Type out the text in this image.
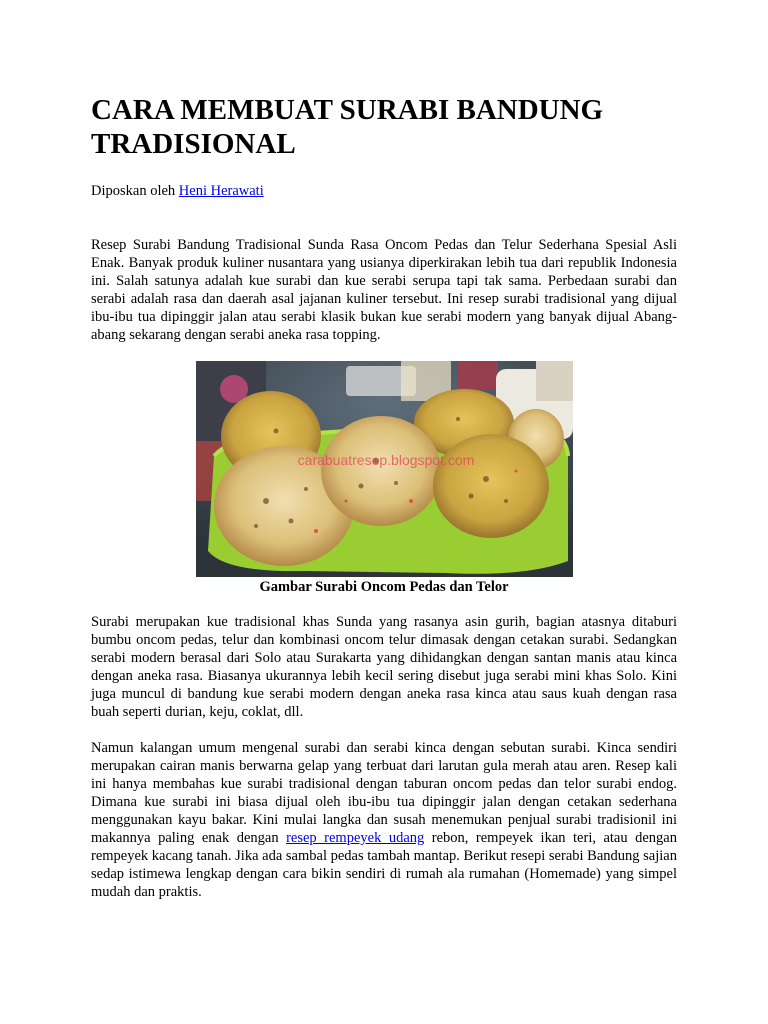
CARA MEMBUAT SURABI BANDUNG TRADISIONAL
Diposkan oleh Heni Herawati

Resep Surabi Bandung Tradisional Sunda Rasa Oncom Pedas dan Telur Sederhana Spesial Asli Enak. Banyak produk kuliner nusantara yang usianya diperkirakan lebih tua dari republik Indonesia ini. Salah satunya adalah kue surabi dan kue serabi serupa tapi tak sama. Perbedaan surabi dan serabi adalah rasa dan daerah asal jajanan kuliner tersebut. Ini resep surabi tradisional yang dijual ibu-ibu tua dipinggir jalan atau serabi klasik bukan kue serabi modern yang banyak dijual Abang-abang sekarang dengan serabi aneka rasa topping.

carabuatresep.blogspot.com
Gambar Surabi Oncom Pedas dan Telor

Surabi merupakan kue tradisional khas Sunda yang rasanya asin gurih, bagian atasnya ditaburi bumbu oncom pedas, telur dan kombinasi oncom telur dimasak dengan cetakan surabi. Sedangkan serabi modern berasal dari Solo atau Surakarta yang dihidangkan dengan santan manis atau kinca dengan aneka rasa. Biasanya ukurannya lebih kecil sering disebut juga serabi mini khas Solo. Kini juga muncul di bandung kue serabi modern dengan aneka rasa kinca atau saus kuah dengan rasa buah seperti durian, keju, coklat, dll.

Namun kalangan umum mengenal surabi dan serabi kinca dengan sebutan surabi. Kinca sendiri merupakan cairan manis berwarna gelap yang terbuat dari larutan gula merah atau aren. Resep kali ini hanya membahas kue surabi tradisional dengan taburan oncom pedas dan telor surabi endog. Dimana kue surabi ini biasa dijual oleh ibu-ibu tua dipinggir jalan dengan cetakan sederhana menggunakan kayu bakar. Kini mulai langka dan susah menemukan penjual surabi tradisionil ini makannya paling enak dengan resep rempeyek udang rebon, rempeyek ikan teri, atau dengan rempeyek kacang tanah. Jika ada sambal pedas tambah mantap. Berikut resepi serabi Bandung sajian sedap istimewa lengkap dengan cara bikin sendiri di rumah ala rumahan (Homemade) yang simpel mudah dan praktis.
